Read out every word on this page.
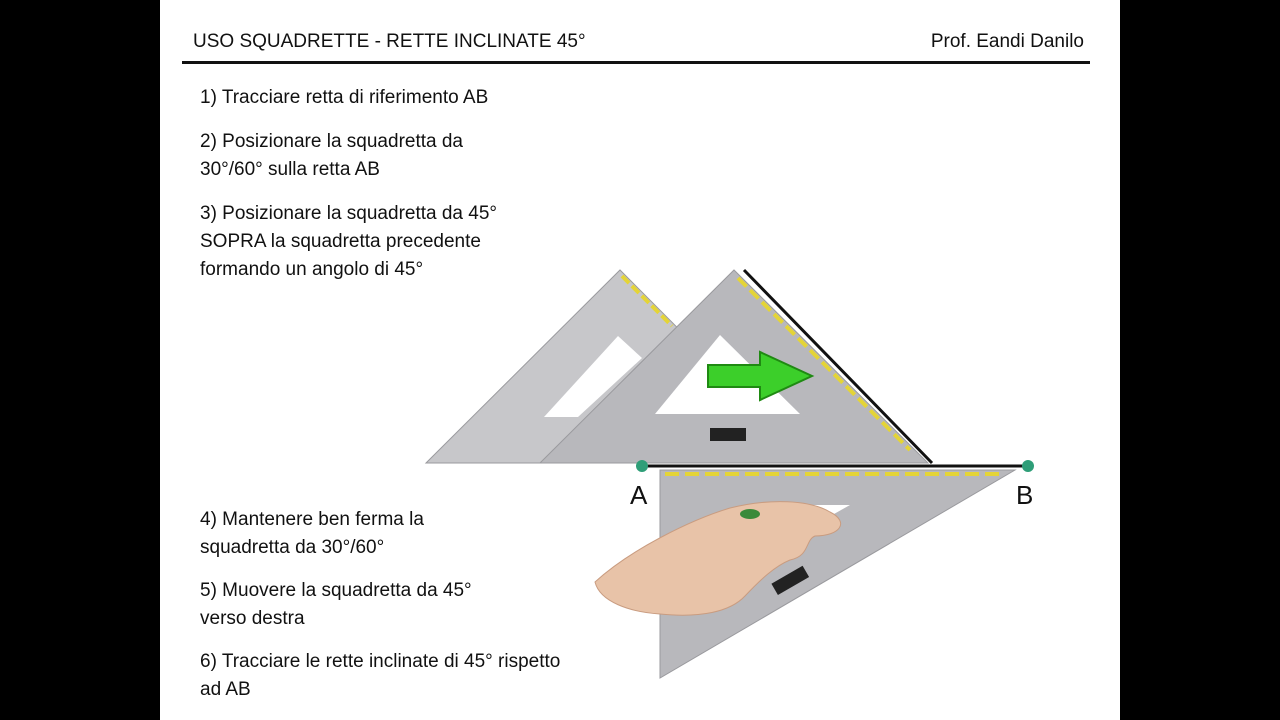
USO SQUADRETTE - RETTE INCLINATE 45°	Prof. Eandi Danilo
1) Tracciare retta di riferimento AB
2) Posizionare la squadretta da
30°/60° sulla retta AB
3) Posizionare la squadretta da 45°
SOPRA la squadretta precedente
formando un angolo di 45°
4) Mantenere ben ferma la
squadretta da 30°/60°
5) Muovere la squadretta da 45°
verso destra
6) Tracciare le rette inclinate di 45° rispetto
ad AB
A	B
